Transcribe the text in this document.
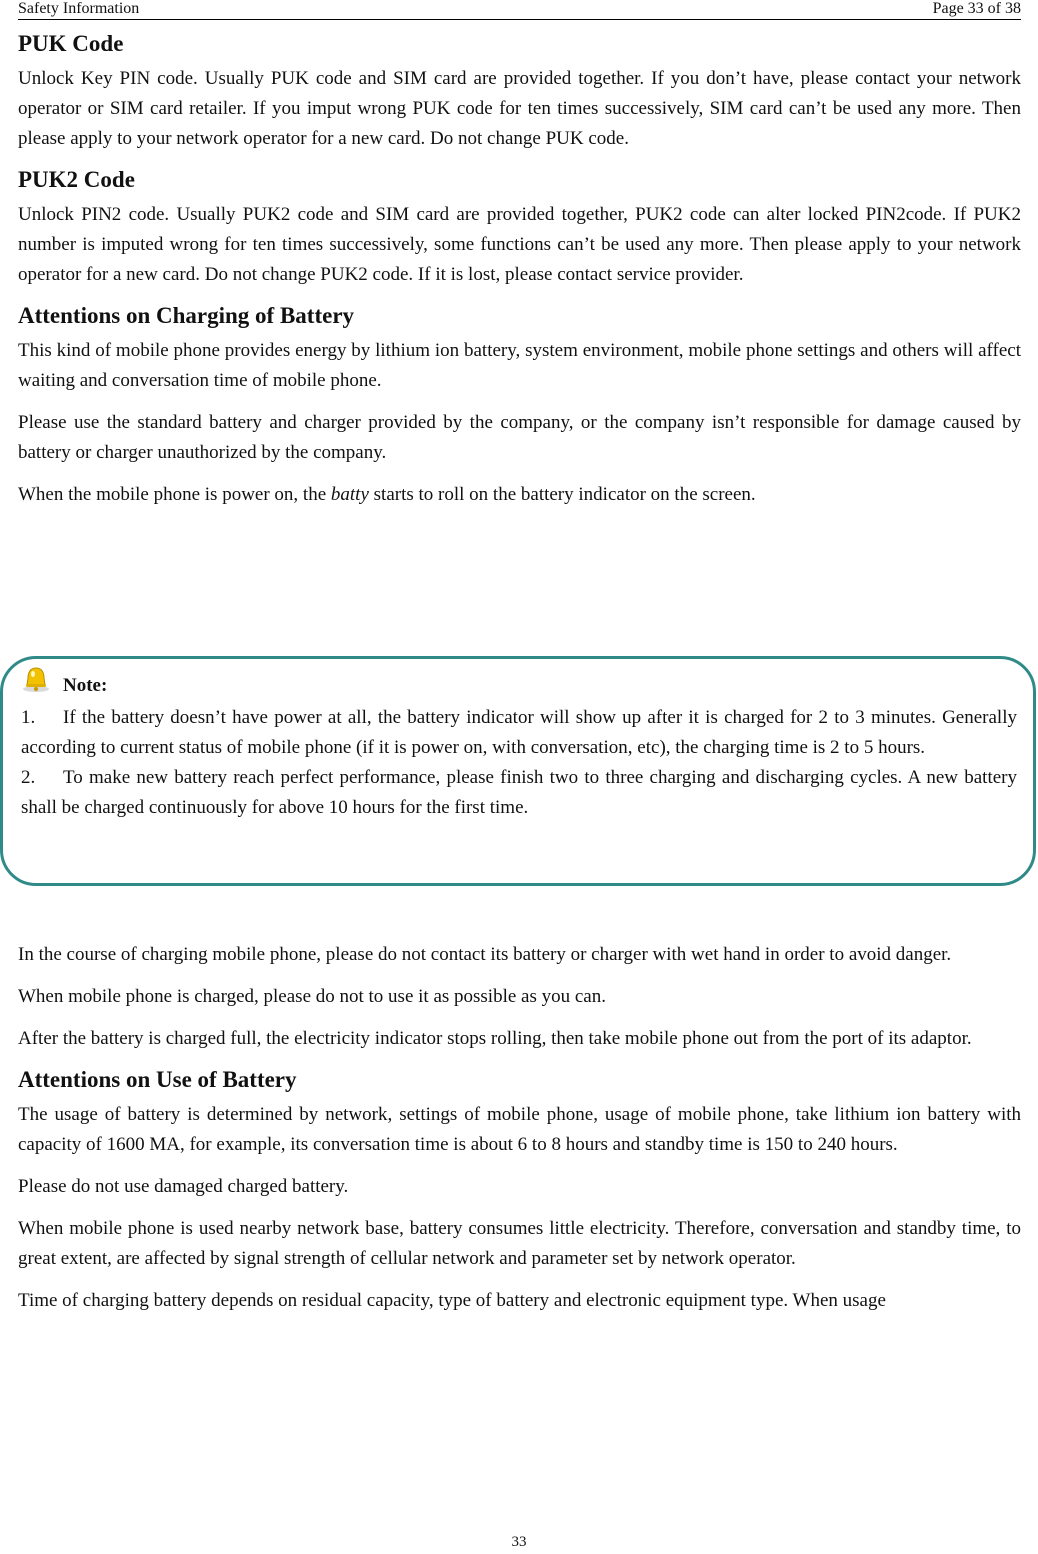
Safety Information	Page 33 of 38
PUK Code

Unlock Key PIN code. Usually PUK code and SIM card are provided together. If you don’t have, please contact your network operator or SIM card retailer. If you imput wrong PUK code for ten times successively, SIM card can’t be used any more. Then please apply to your network operator for a new card. Do not change PUK code.

PUK2 Code

Unlock PIN2 code. Usually PUK2 code and SIM card are provided together, PUK2 code can alter locked PIN2code. If PUK2 number is imputed wrong for ten times successively, some functions can’t be used any more. Then please apply to your network operator for a new card. Do not change PUK2 code. If it is lost, please contact service provider.

Attentions on Charging of Battery

This kind of mobile phone provides energy by lithium ion battery, system environment, mobile phone settings and others will affect waiting and conversation time of mobile phone.

Please use the standard battery and charger provided by the company, or the company isn’t responsible for damage caused by battery or charger unauthorized by the company.

When the mobile phone is power on, the batty starts to roll on the battery indicator on the screen.

Note:
1. If the battery doesn’t have power at all, the battery indicator will show up after it is charged for 2 to 3 minutes. Generally according to current status of mobile phone (if it is power on, with conversation, etc), the charging time is 2 to 5 hours.
2. To make new battery reach perfect performance, please finish two to three charging and discharging cycles. A new battery shall be charged continuously for above 10 hours for the first time.

In the course of charging mobile phone, please do not contact its battery or charger with wet hand in order to avoid danger.

When mobile phone is charged, please do not to use it as possible as you can.

After the battery is charged full, the electricity indicator stops rolling, then take mobile phone out from the port of its adaptor.

Attentions on Use of Battery

The usage of battery is determined by network, settings of mobile phone, usage of mobile phone, take lithium ion battery with capacity of 1600 MA, for example, its conversation time is about 6 to 8 hours and standby time is 150 to 240 hours.

Please do not use damaged charged battery.

When mobile phone is used nearby network base, battery consumes little electricity. Therefore, conversation and standby time, to great extent, are affected by signal strength of cellular network and parameter set by network operator.

Time of charging battery depends on residual capacity, type of battery and electronic equipment type. When usage

33
